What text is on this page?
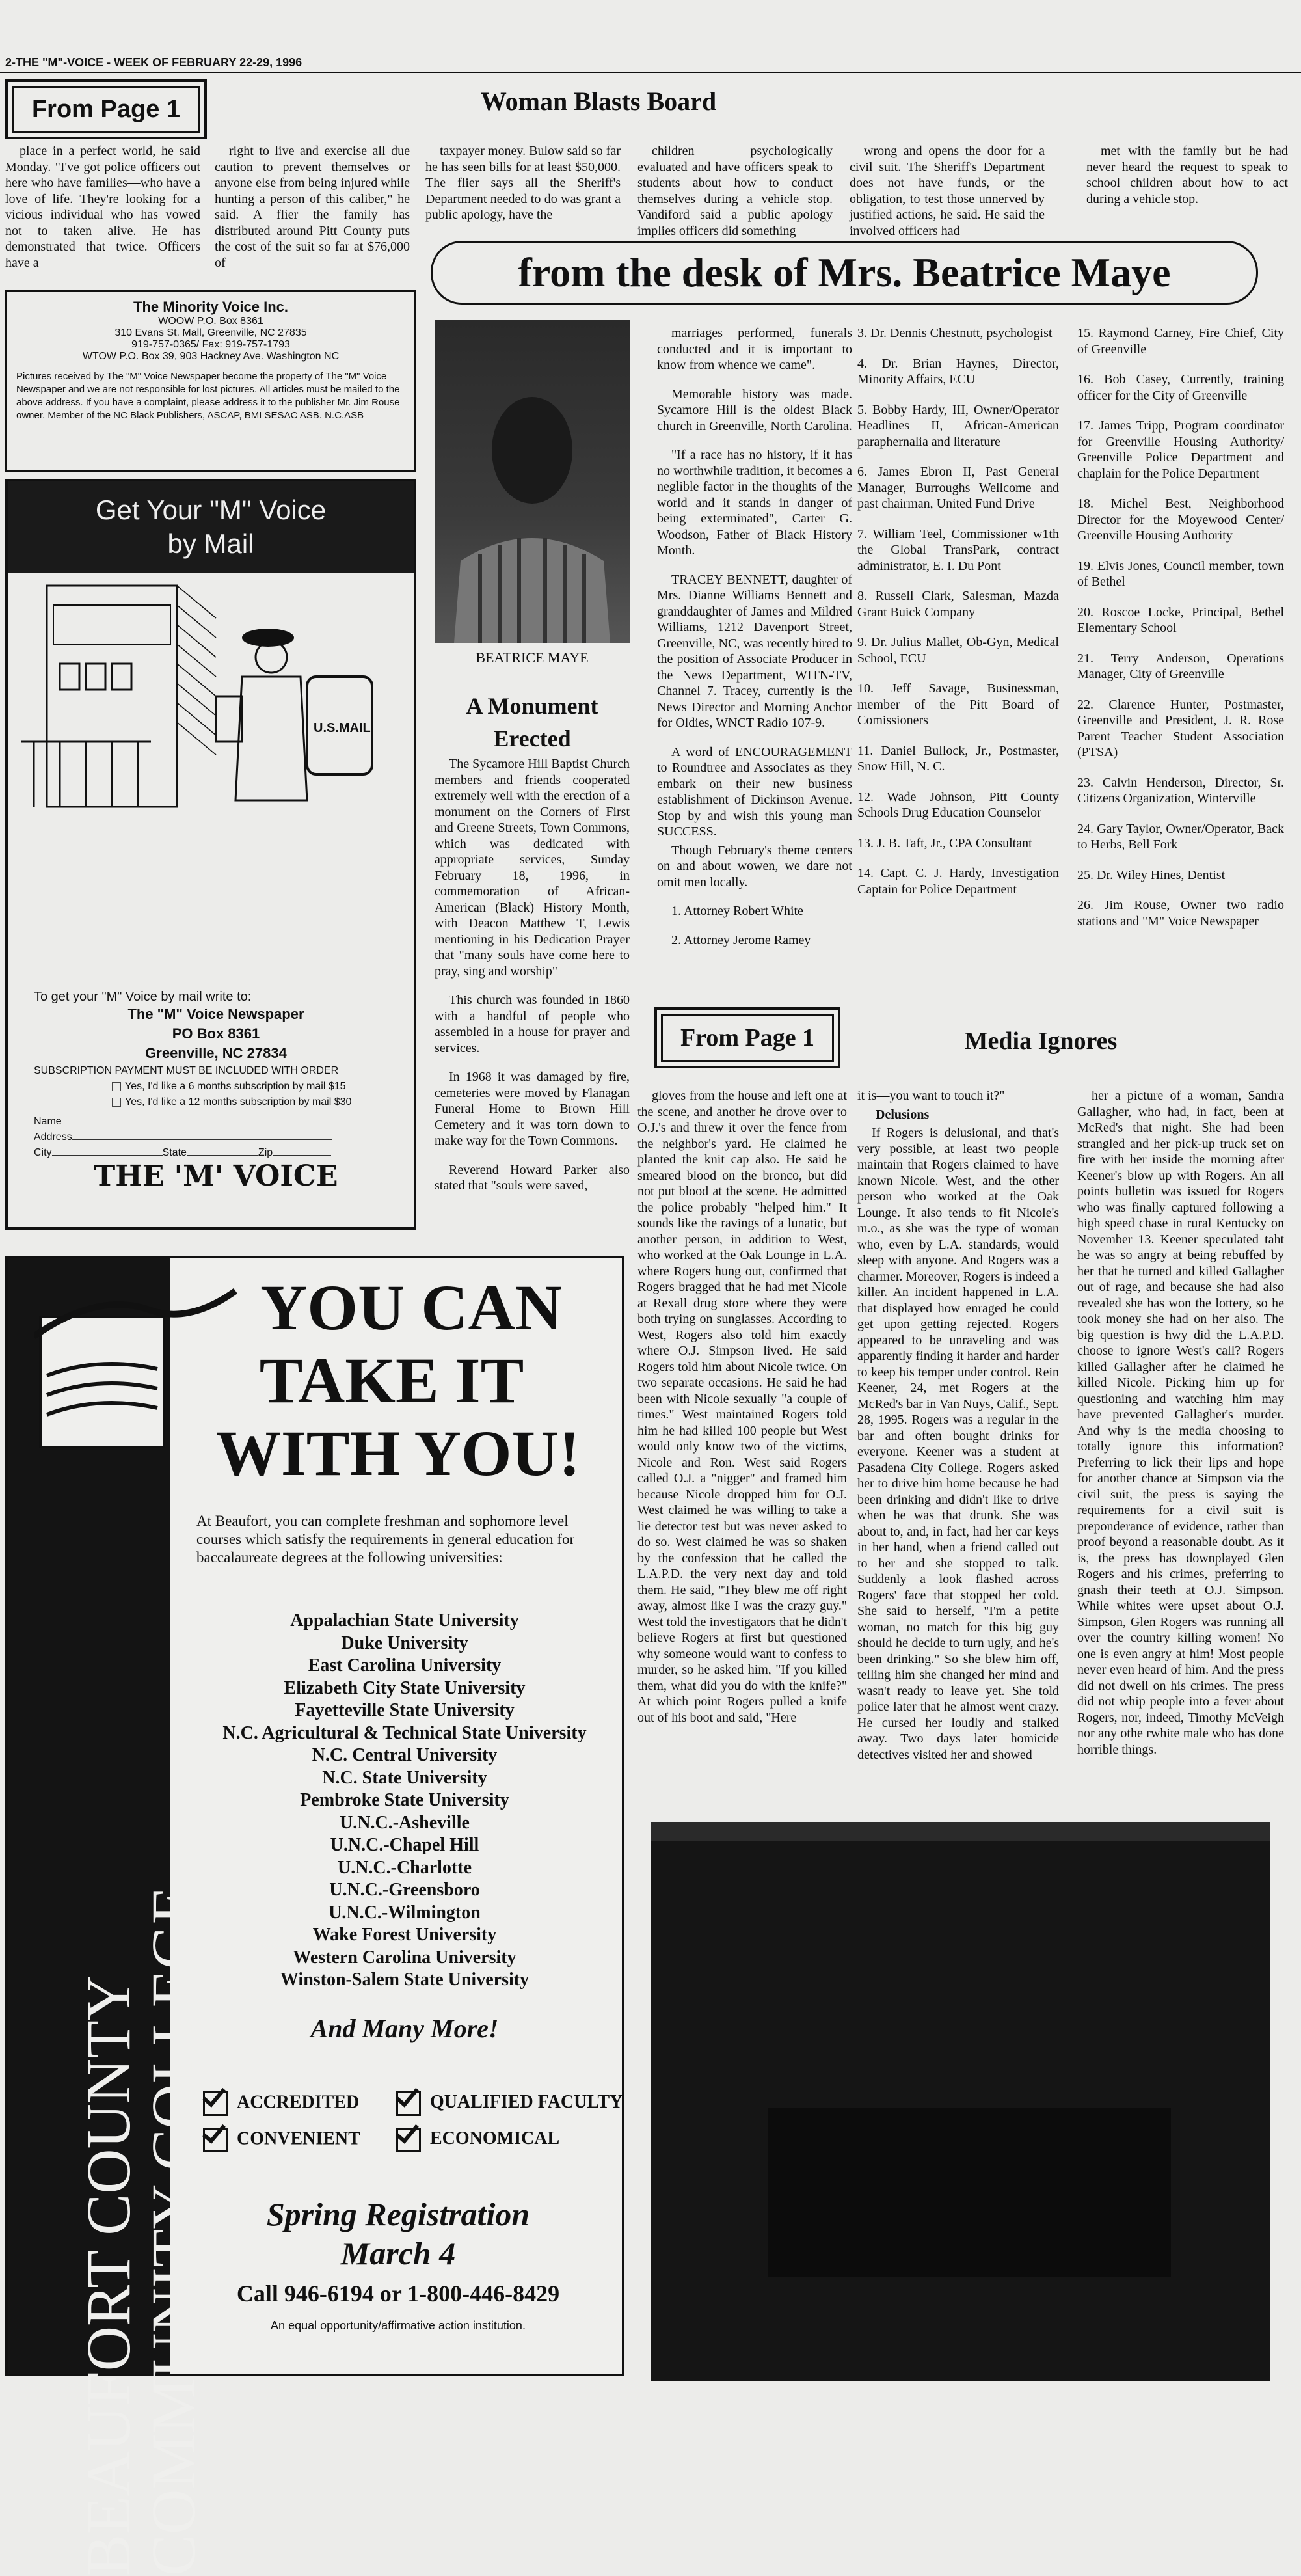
2-THE "M"-VOICE - WEEK OF FEBRUARY 22-29, 1996
From Page 1	Woman Blasts Board
place in a perfect world, he said Monday. "I've got police officers out here who have families—who have a love of life. They're looking for a vicious individual who has vowed not to taken alive. He has demonstrated that twice. Officers have a
right to live and exercise all due caution to prevent themselves or anyone else from being injured while hunting a person of this caliber," he said. A flier the family has distributed around Pitt County puts the cost of the suit so far at $76,000 of
taxpayer money. Bulow said so far he has seen bills for at least $50,000. The flier says all the Sheriff's Department needed to do was grant a public apology, have the
children psychologically evaluated and have officers speak to students about how to conduct themselves during a vehicle stop. Vandiford said a public apology implies officers did something
wrong and opens the door for a civil suit. The Sheriff's Department does not have funds, or the obligation, to test those unnerved by justified actions, he said. He said the involved officers had
met with the family but he had never heard the request to speak to school children about how to act during a vehicle stop.
The Minority Voice Inc.
WOOW P.O. Box 8361
310 Evans St. Mall, Greenville, NC 27835
919-757-0365/ Fax: 919-757-1793
WTOW P.O. Box 39, 903 Hackney Ave. Washington NC
Pictures received by The "M" Voice Newspaper become the property of The "M" Voice Newspaper and we are not responsible for lost pictures. All articles must be mailed to the above address. If you have a complaint, please address it to the publisher Mr. Jim Rouse owner. Member of the NC Black Publishers, ASCAP, BMI SESAC ASB. N.C.ASB
Get Your "M" Voice by Mail
U.S.MAIL
To get your "M" Voice by mail write to:
The "M" Voice Newspaper
PO Box 8361
Greenville, NC 27834
SUBSCRIPTION PAYMENT MUST BE INCLUDED WITH ORDER
Yes, I'd like a 6 months subscription by mail $15
Yes, I'd like a 12 months subscription by mail $30
Name
Address
City	State	Zip
THE 'M' VOICE
from the desk of Mrs. Beatrice Maye
BEATRICE MAYE
A Monument
Erected

The Sycamore Hill Baptist Church members and friends cooperated extremely well with the erection of a monument on the Corners of First and Greene Streets, Town Commons, which was dedicated with appropriate services, Sunday February 18, 1996, in commemoration of African-American (Black) History Month, with Deacon Matthew T, Lewis mentioning in his Dedication Prayer that "many souls have come here to pray, sing and worship"

This church was founded in 1860 with a handful of people who assembled in a house for prayer and services.

In 1968 it was damaged by fire, cemeteries were moved by Flanagan Funeral Home to Brown Hill Cemetery and it was torn down to make way for the Town Commons.

Reverend Howard Parker also stated that "souls were saved,

marriages performed, funerals conducted and it is important to know from whence we came".

Memorable history was made. Sycamore Hill is the oldest Black church in Greenville, North Carolina.

"If a race has no history, if it has no worthwhile tradition, it becomes a neglible factor in the thoughts of the world and it stands in danger of being exterminated", Carter G. Woodson, Father of Black History Month.

TRACEY BENNETT, daughter of Mrs. Dianne Williams Bennett and granddaughter of James and Mildred Williams, 1212 Davenport Street, Greenville, NC, was recently hired to the position of Associate Producer in the News Department, WITN-TV, Channel 7. Tracey, currently is the News Director and Morning Anchor for Oldies, WNCT Radio 107-9.

A word of ENCOURAGEMENT to Roundtree and Associates as they embark on their new business establishment of Dickinson Avenue. Stop by and wish this young man SUCCESS.

Though February's theme centers on and about wowen, we dare not omit men locally.

1. Attorney Robert White

2. Attorney Jerome Ramey

3. Dr. Dennis Chestnutt, psychologist

4. Dr. Brian Haynes, Director, Minority Affairs, ECU

5. Bobby Hardy, III, Owner/Operator Headlines II, African-American paraphernalia and literature

6. James Ebron II, Past General Manager, Burroughs Wellcome and past chairman, United Fund Drive

7. William Teel, Commissioner w1th the Global TransPark, contract administrator, E. I. Du Pont

8. Russell Clark, Salesman, Mazda Grant Buick Company

9. Dr. Julius Mallet, Ob-Gyn, Medical School, ECU

10. Jeff Savage, Businessman, member of the Pitt Board of Comissioners

11. Daniel Bullock, Jr., Postmaster, Snow Hill, N. C.

12. Wade Johnson, Pitt County Schools Drug Education Counselor

13. J. B. Taft, Jr., CPA Consultant

14. Capt. C. J. Hardy, Investigation Captain for Police Department

15. Raymond Carney, Fire Chief, City of Greenville

16. Bob Casey, Currently, training officer for the City of Greenville

17. James Tripp, Program coordinator for Greenville Housing Authority/ Greenville Police Department and chaplain for the Police Department

18. Michel Best, Neighborhood Director for the Moyewood Center/ Greenville Housing Authority

19. Elvis Jones, Council member, town of Bethel

20. Roscoe Locke, Principal, Bethel Elementary School

21. Terry Anderson, Operations Manager, City of Greenville

22. Clarence Hunter, Postmaster, Greenville and President, J. R. Rose Parent Teacher Student Association (PTSA)

23. Calvin Henderson, Director, Sr. Citizens Organization, Winterville

24. Gary Taylor, Owner/Operator, Back to Herbs, Bell Fork

25. Dr. Wiley Hines, Dentist

26. Jim Rouse, Owner two radio stations and "M" Voice Newspaper

From Page 1	Media Ignores
gloves from the house and left one at the scene, and another he drove over to O.J.'s and threw it over the fence from the neighbor's yard. He claimed he planted the knit cap also. He said he smeared blood on the bronco, but did not put blood at the scene. He admitted the police probably "helped him." It sounds like the ravings of a lunatic, but another person, in addition to West, who worked at the Oak Lounge in L.A. where Rogers hung out, confirmed that Rogers bragged that he had met Nicole at Rexall drug store where they were both trying on sunglasses. According to West, Rogers also told him exactly where O.J. Simpson lived. He said Rogers told him about Nicole twice. On two separate occasions. He said he had been with Nicole sexually "a couple of times." West maintained Rogers told him he had killed 100 people but West would only know two of the victims, Nicole and Ron. West said Rogers called O.J. a "nigger" and framed him because Nicole dropped him for O.J. West claimed he was willing to take a lie detector test but was never asked to do so. West claimed he was so shaken by the confession that he called the L.A.P.D. the very next day and told them. He said, "They blew me off right away, almost like I was the crazy guy." West told the investigators that he didn't believe Rogers at first but questioned why someone would want to confess to murder, so he asked him, "If you killed them, what did you do with the knife?" At which point Rogers pulled a knife out of his boot and said, "Here

it is—you want to touch it?"

Delusions

If Rogers is delusional, and that's very possible, at least two people maintain that Rogers claimed to have known Nicole. West, and the other person who worked at the Oak Lounge. It also tends to fit Nicole's m.o., as she was the type of woman who, even by L.A. standards, would sleep with anyone. And Rogers was a charmer. Moreover, Rogers is indeed a killer. An incident happened in L.A. that displayed how enraged he could get upon getting rejected. Rogers appeared to be unraveling and was apparently finding it harder and harder to keep his temper under control. Rein Keener, 24, met Rogers at the McRed's bar in Van Nuys, Calif., Sept. 28, 1995. Rogers was a regular in the bar and often bought drinks for everyone. Keener was a student at Pasadena City College. Rogers asked her to drive him home because he had been drinking and didn't like to drive when he was that drunk. She was about to, and, in fact, had her car keys in her hand, when a friend called out to her and she stopped to talk. Suddenly a look flashed across Rogers' face that stopped her cold. She said to herself, "I'm a petite woman, no match for this big guy should he decide to turn ugly, and he's been drinking." So she blew him off, telling him she changed her mind and wasn't ready to leave yet. She told police later that he almost went crazy. He cursed her loudly and stalked away. Two days later homicide detectives visited her and showed

her a picture of a woman, Sandra Gallagher, who had, in fact, been at McRed's that night. She had been strangled and her pick-up truck set on fire with her inside the morning after Keener's blow up with Rogers. An all points bulletin was issued for Rogers who was finally captured following a high speed chase in rural Kentucky on November 13. Keener speculated taht he was so angry at being rebuffed by her that he turned and killed Gallagher out of rage, and because she had also revealed she has won the lottery, so he took money she had on her also. The big question is hwy did the L.A.P.D. choose to ignore West's call? Rogers killed Gallagher after he claimed he killed Nicole. Picking him up for questioning and watching him may have prevented Gallagher's murder. And why is the media choosing to totally ignore this information? Preferring to lick their lips and hope for another chance at Simpson via the civil suit, the press is saying the requirements for a civil suit is preponderance of evidence, rather than proof beyond a reasonable doubt. As it is, the press has downplayed Glen Rogers and his crimes, preferring to gnash their teeth at O.J. Simpson. While whites were upset about O.J. Simpson, Glen Rogers was running all over the country killing women! No one is even angry at him! Most people never even heard of him. And the press did not dwell on his crimes. The press did not whip people into a fever about Rogers, nor, indeed, Timothy McVeigh nor any othe rwhite male who has done horrible things.
BEAUFORT COUNTY
COMMUNITY COLLEGE
YOU CAN
TAKE IT
WITH YOU!
At Beaufort, you can complete freshman and sophomore level courses which satisfy the requirements in general education for baccalaureate degrees at the following universities:
Appalachian State University
Duke University
East Carolina University
Elizabeth City State University
Fayetteville State University
N.C. Agricultural & Technical State University
N.C. Central University
N.C. State University
Pembroke State University
U.N.C.-Asheville
U.N.C.-Chapel Hill
U.N.C.-Charlotte
U.N.C.-Greensboro
U.N.C.-Wilmington
Wake Forest University
Western Carolina University
Winston-Salem State University
And Many More!
ACCREDITED	QUALIFIED FACULTY
CONVENIENT	ECONOMICAL
Spring Registration
March 4
Call 946-6194 or 1-800-446-8429
An equal opportunity/affirmative action institution.
